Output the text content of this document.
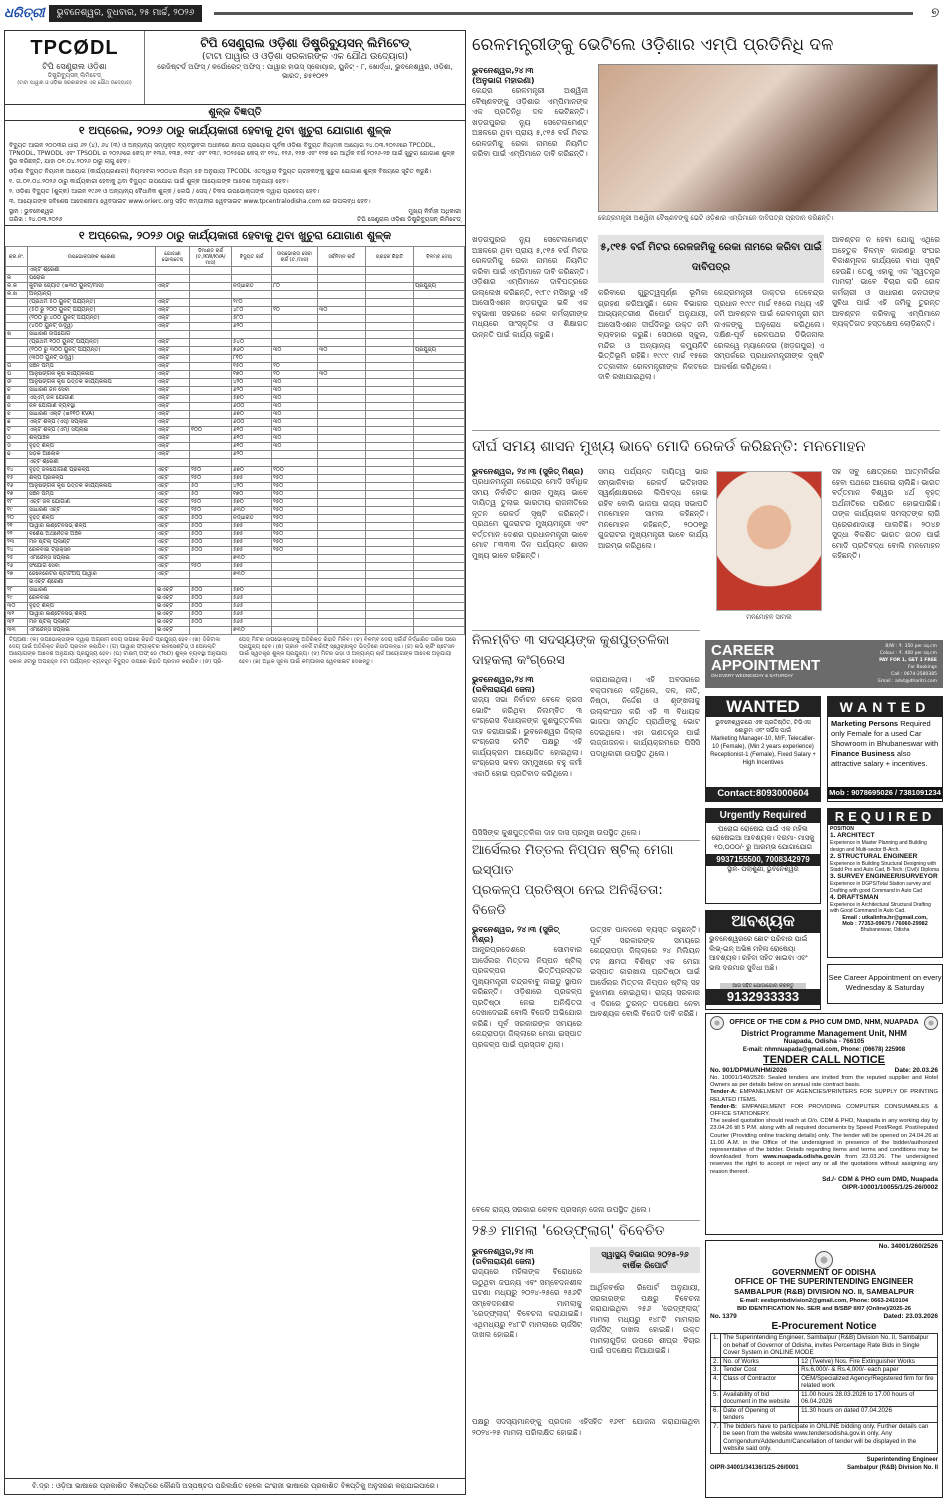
ଧରିତ୍ରୀ	ଭୁବନେଶ୍ୱର, ବୁଧବାର, ୨୫ ମାର୍ଚ୍ଚ, ୨୦୨୬	୭
TPCØDL
ଟିପି ସେଣ୍ଟ୍ରାଲ ଓଡ଼ିଶା
ଡିଷ୍ଟ୍ରିବ୍ୟୁସନ୍ ଲିମିଟେଡ୍
(ଟାଟା ପାୱାର ଓ ଓଡ଼ିଶା ସରକାରଙ୍କ ଏକ ଯୌଥ ଉଦ୍ୟୋଗ)
ଟିପି ସେଣ୍ଟ୍ରାଲ ଓଡ଼ିଶା ଡିଷ୍ଟ୍ରିବ୍ୟୁସନ୍ ଲିମିଟେଡ୍
(ଟାଟା ପାୱାର ଓ ଓଡ଼ିଶା ସରକାରଙ୍କ ଏକ ଯୌଥ ଉଦ୍ୟୋଗ)
ରେଜିଷ୍ଟର୍ଡ ଅଫିସ୍ / କର୍ପୋରେଟ୍ ଅଫିସ୍ : ପାୱାର ହାଉସ୍ ସ୍କୋୟାର, ୟୁନିଟ୍ - ୮, ଖୋର୍ଦ୍ଧା, ଭୁବନେଶ୍ୱର, ଓଡ଼ିଶା, ଭାରତ, ୭୫୧୦୧୨
ଶୁଳ୍କ ବିଜ୍ଞପ୍ତି
୧ ଅପ୍ରେଲ, ୨୦୨୬ ଠାରୁ କାର୍ଯ୍ୟକାରୀ ହେବାକୁ ଥିବା ଖୁଚୁରା ଯୋଗାଣ ଶୁଳ୍କ
ବିଦ୍ୟୁତ ଆଇନ ୨୦୦୩ର ଧାରା ୬୨ (୪), ୬୪ (୩) ଓ ଅନ୍ୟାନ୍ୟ ସମ୍ପୃକ୍ତ ବ୍ୟବସ୍ଥାବଳୀ ଅଧୀନରେ କ୍ଷମତା ପ୍ରୟୋଗ ପୂର୍ବକ ଓଡ଼ିଶା ବିଦ୍ୟୁତ ନିୟାମକ ଆୟୋଗ ୨୪.୦୩.୨୦୨୬ରେ TPCODL, TPNODL, TPWODL ଏବଂ TPSODL ର ୨୦୨୬ରେ କେସ୍ ନଂ ୧୩୬, ୧୩୭, ୧୩୮ ଏବଂ ୧୩୯, ୨୦୨୫ରେ କେସ୍ ନଂ ୧୨୪, ୧୨୬, ୧୨୭ ଏବଂ ୧୨୭ ରେ ଆର୍ଥିକ ବର୍ଷ ୨୦୨୬-୨୭ ପାଇଁ ଖୁଚୁରା ଯୋଗାଣ ଶୁଳ୍କ ସ୍ଥିର କରିଛନ୍ତି, ଯାହା ୦୧.୦୪.୨୦୨୬ ଠାରୁ ଲାଗୁ ହେବ।
ଓଡ଼ିଶା ବିଦ୍ୟୁତ ନିୟାମକ ଆୟୋଗ (କାର୍ଯ୍ୟପ୍ରଣାଳୀ) ନିୟମାବଳୀ ୨୦୦୪ର ନିୟମ ୫୭ ଅନୁଯାୟୀ TPCODL ଏତଦ୍ୱାରା ବିଦ୍ୟୁତ ଗ୍ରାହକଙ୍କୁ ଖୁଚୁରା ଯୋଗାଣ ଶୁଳ୍କ ବିଷୟରେ ସୂଚିତ କରୁଛି।
୧. ତା.୦୧.୦୪.୨୦୨୬ ଠାରୁ କାର୍ଯ୍ୟକାରୀ ହେବାକୁ ଥିବା ବିଦ୍ୟୁତ ଉପଯୋଗ ପାଇଁ ଶୁଳ୍କ ଆୟୋଗଙ୍କ ଆଦେଶ ଅନୁଯାୟୀ ହେବ।
୨. ଓଡ଼ିଶା ବିଦ୍ୟୁତ (ଶୁଳ୍କ) ଆଇନ ୧୯୬୧ ଓ ଅନ୍ୟାନ୍ୟ ବୈଧାନିକ ଶୁଳ୍କ / ଲେଭି / ସେସ୍ / ଟିକସ ଉପଭୋକ୍ତାଙ୍କ ଦ୍ୱାରା ପ୍ରଦେୟ ହେବ।
୩. ଆୟୋଗଙ୍କ ସବିଶେଷ ଆଦେଶନାମା ୱେବସାଇଟ www.orierc.org ସହିତ କମ୍ପାନୀର ୱେବସାଇଟ www.tpcentralodisha.com ରେ ଉପଲବ୍ଧ ହେବ।
ସ୍ଥାନ : ଭୁବନେଶ୍ୱର
ତାରିଖ : ୨୪.୦୩.୨୦୨୬
ମୁଖ୍ୟ ନିର୍ବାହୀ ଅଧିକାରୀ
ଟିପି ସେଣ୍ଟ୍ରାଲ ଓଡ଼ିଶା ଡିଷ୍ଟ୍ରିବ୍ୟୁସନ୍ ଲିମିଟେଡ୍
୧ ଅପ୍ରେଲ, ୨୦୨୬ ଠାରୁ କାର୍ଯ୍ୟକାରୀ ହେବାକୁ ଥିବା ଖୁଚୁରା ଯୋଗାଣ ଶୁଳ୍କ
କ୍ର.ନଂ.	ଉପଭୋକ୍ତାଙ୍କ ଶ୍ରେଣୀ	ଯୋଗାଣ ଭୋଲ୍ଟେଜ୍	ଡିମାଣ୍ଡ ଚାର୍ଜ (ଟ./KW/KVA/ମାସ)	ବିଦ୍ୟୁତ ଚାର୍ଜ	ଉପଭୋକ୍ତା ସେବା ଚାର୍ଜ (ଟ./ମାସ)	ସର୍ବନିମ୍ନ ଚାର୍ଜ	ଗ୍ରାହକ ରିହାତି	ବିଳମ୍ବ ଦେୟ
	ଏଲ୍‌ଟି ଶ୍ରେଣୀ							
କ	ଘରୋଇ							
କ.କ	କୁଟୀର ଜ୍ୟୋତି (≤୩୦ ୟୁନିଟ୍/ମାସ)	ଏଲ୍‌ଟି		ନିର୍ଦ୍ଧାରିତ	୮୦			ପ୍ରଯୁଜ୍ୟ
କ.ଖ	ଅନ୍ୟାନ୍ୟ							
	(ପ୍ରଥମ ୫୦ ୟୁନିଟ୍ ପର୍ଯ୍ୟନ୍ତ)	ଏଲ୍‌ଟି		୨୯୦				
	(୫୦ ରୁ ୨୦୦ ୟୁନିଟ୍ ପର୍ଯ୍ୟନ୍ତ)	ଏଲ୍‌ଟି		୪୮୦	୨୦	୩୦		
	(୨୦୦ ରୁ ୪୦୦ ୟୁନିଟ୍ ପର୍ଯ୍ୟନ୍ତ)	ଏଲ୍‌ଟି		୫୮୦				
	(୪୦୦ ୟୁନିଟ୍ ଉର୍ଦ୍ଧ୍ୱ)	ଏଲ୍‌ଟି		୬୨୦				
ଖ	ସାଧାରଣ ଉପଯୋଗ							
	(ପ୍ରଥମ ୧୦୦ ୟୁନିଟ୍ ପର୍ଯ୍ୟନ୍ତ)	ଏଲ୍‌ଟି		୫୪୦				
	(୧୦୦ ରୁ ୩୦୦ ୟୁନିଟ୍ ପର୍ଯ୍ୟନ୍ତ)	ଏଲ୍‌ଟି		୭୬୦	୩୦	୩୦		ପ୍ରଯୁଜ୍ୟ
	(୩୦୦ ୟୁନିଟ୍ ଉର୍ଦ୍ଧ୍ୱ)	ଏଲ୍‌ଟି		୮୧୦				
ଗ	ସିଞ୍ଚନ ପମ୍ପ	ଏଲ୍‌ଟି		୧୫୦	୨୦			
ଘ	ଆନୁଷଙ୍ଗିକ କୃଷି କାର୍ଯ୍ୟକଳାପ	ଏଲ୍‌ଟି		୧୭୦	୨୦	୩୦		
ଙ	ଆନୁଷଙ୍ଗିକ କୃଷି ଭିତ୍ତିକ କାର୍ଯ୍ୟକଳାପ	ଏଲ୍‌ଟି		୪୨୦	୩୦			
ଚ	ସାଧାରଣ ଜନ ସେବା	ଏଲ୍‌ଟି		୬୨୦	୩୦			
ଛ	ଏସ୍‌ଏମ୍ ଜଳ ଯୋଗାଣ	ଏଲ୍‌ଟି		୫୭୦	୩୦			
ଜ	ଜଳ ଯୋଗାଣ ବ୍ୟବସ୍ଥା	ଏଲ୍‌ଟି		୬୦୦	୩୦			
ଝ	ସାଧାରଣ ଏଲ୍‌ଟି (≤୧୧୦ KVA)	ଏଲ୍‌ଟି		୬୭୦	୩୦			
ଞ	ଏଲ୍‌ଟି ଶିଳ୍ପ (ଏସ୍) ସପ୍ଲାଇ	ଏଲ୍‌ଟି		୬୦୦	୩୦			
ଟ	ଏଲ୍‌ଟି ଶିଳ୍ପ (ଏମ୍) ସପ୍ଲାଇ	ଏଲ୍‌ଟି	୧୦୦	୬୧୦	୩୦			
ଠ	ଶିଳ୍ପାଞ୍ଚଳ	ଏଲ୍‌ଟି		୬୧୦	୩୦			
ଡ	ବୃହତ୍ ଶିଳ୍ପ	ଏଲ୍‌ଟି		୬୧୦	୩୦			
ଢ	ସଡ଼କ ଆଲୋକ	ଏଲ୍‌ଟି		୬୨୦				
	ଏଚ୍‌ଟି ଶ୍ରେଣୀ							
୧୪	ବୃହତ୍ ଜଳଯୋଗାଣ ପ୍ରକଳ୍ପ	ଏଚ୍‌ଟି	୨୫୦	୬୭୦	୨୦୦			
୧୫	ଶିଳ୍ପ ପ୍ରକଳ୍ପ	ଏଚ୍‌ଟି	୨୫୦	୫୭୫	୨୫୦			
୧୬	ଆନୁଷଙ୍ଗିକ କୃଷି ଭିତ୍ତିକ କାର୍ଯ୍ୟକଳାପ	ଏଚ୍‌ଟି	୫୦	୪୨୦	୨୫୦			
୧୭	ସିଞ୍ଚନ ପମ୍ପ	ଏଚ୍‌ଟି	୫୦	୧୭୦	୨୫୦			
୧୮	ଏଚ୍‌ଟି ଜଳ ଯୋଗାଣ	ଏଚ୍‌ଟି	୨୫୦	୫୭୦	୨୫୦			
୧୯	ସାଧାରଣ ଏଚ୍‌ଟି	ଏଚ୍‌ଟି	୨୫୦	୬୩୦	୨୫୦			
୨୦	ବୃହତ୍ ଶିଳ୍ପ	ଏଚ୍‌ଟି	୫୦୦	ନିର୍ଦ୍ଧାରିତ	୨୫୦			
୨୧	ପାୱାର ଇଣ୍ଟେନସିଭ୍ ଶିଳ୍ପ	ଏଚ୍‌ଟି	୫୦୦	୫୭୫	୨୫୦			
୨୨	ବିଶେଷ ଅର୍ଥନୈତିକ ଅଞ୍ଚଳ	ଏଚ୍‌ଟି	୫୦୦	୫୭୫	୨୫୦			
୨୩	ମିନି ଷ୍ଟିଲ୍ ପ୍ଲାଣ୍ଟ	ଏଚ୍‌ଟି	୫୦୦	୫୭୫	୨୫୦			
୨୪	ରେଳବାଇ ଟ୍ରାକ୍ସନ	ଏଚ୍‌ଟି	୫୦୦	୫୭୫	୨୫୦			
୨୫	ଏମର୍ଜେନ୍ସି ସପ୍ଲାଇ	ଏଚ୍‌ଟି		୭୩୦				
୨୬	ସଂଯୋଗ ସେବା	ଏଚ୍‌ଟି	୨୫୦	୫୭୫				
୨୭	ଜେନେରେଟର ଷ୍ଟାର୍ଟଅପ୍ ପାୱାର	ଏଚ୍‌ଟି		୭୩୦				
	ଇଏଚ୍‌ଟି ଶ୍ରେଣୀ							
୨୮	ସାଧାରଣ	ଇଏଚ୍‌ଟି	୫୦୦	୫୭୦				
୨୯	ରେଳବାଇ	ଇଏଚ୍‌ଟି	୫୦୦	୫୬୫				
୩୦	ବୃହତ୍ ଶିଳ୍ପ	ଇଏଚ୍‌ଟି	୫୦୦	୫୬୫				
୩୧	ପାୱାର ଇଣ୍ଟେନସିଭ୍ ଶିଳ୍ପ	ଇଏଚ୍‌ଟି	୫୦୦	୫୬୫				
୩୨	ମିନି ଷ୍ଟିଲ୍ ପ୍ଲାଣ୍ଟ	ଇଏଚ୍‌ଟି	୫୦୦	୫୬୫				
୩୩	ଏମର୍ଜେନ୍ସି ସପ୍ଲାଇ	ଇଏଚ୍‌ଟି		୭୩୦				
ଟିପ୍ପଣୀ: (କ) ଉପଭୋକ୍ତାଙ୍କ ଦ୍ୱାରା ଅଗ୍ରୀମ ଦେୟ ଉପରେ ରିହାତି ପ୍ରଯୁଜ୍ୟ ହେବ। (ଖ) ଡିଜିଟାଲ ଦେୟ ପାଇଁ ଅତିରିକ୍ତ ରିହାତି ପ୍ରଦାନ କରାଯିବ। (ଗ) ପାୱାର ଫ୍ୟାକ୍ଟର ଇନସେଣ୍ଟିଭ୍ ଓ ପେନାଲ୍ଟି ଆୟୋଗଙ୍କ ଆଦେଶ ଅନୁଯାୟୀ ପ୍ରଯୁଜ୍ୟ ହେବ। (ଘ) ଟାଇମ୍ ଅଫ୍ ଡେ (ToD) ଶୁଳ୍କ ବ୍ୟବସ୍ଥା ଅନୁଯାୟୀ ସକାଳ ୬ଟାରୁ ଅପରାହ୍ନ ୫ଟା ପର୍ଯ୍ୟନ୍ତ ବ୍ୟବହୃତ ବିଦ୍ୟୁତ ଉପରେ ରିହାତି ପ୍ରଦାନ କରାଯିବ। (ଙ) ପ୍ରି-ପେଡ୍ ମିଟର ଉପଭୋକ୍ତାଙ୍କୁ ଅତିରିକ୍ତ ରିହାତି ମିଳିବ। (ଚ) ବିଳମ୍ବ ଦେୟ ସର୍ଚ୍ଚାର୍ଜ ନିର୍ଦ୍ଧାରିତ ତାରିଖ ପରେ ପ୍ରଯୁଜ୍ୟ ହେବ। (ଛ) ଗ୍ରୀନ ଏନର୍ଜି ଟାରିଫ୍ ସ୍ୱେଚ୍ଛାକୃତ ଭିତ୍ତିରେ ଉପଲବ୍ଧ। (ଜ) ଇଭି ଚାର୍ଜିଂ ଷ୍ଟେସନ ପାଇଁ ସ୍ୱତନ୍ତ୍ର ଶୁଳ୍କ ପ୍ରଯୁଜ୍ୟ। (ଝ) ମିଟର ଭଡ଼ା ଓ ଅନ୍ୟାନ୍ୟ ଚାର୍ଜ ଆୟୋଗଙ୍କ ଆଦେଶ ଅନୁଯାୟୀ ହେବ। (ଞ) ଅଧିକ ସୂଚନା ପାଇଁ କମ୍ପାନୀର ୱେବସାଇଟ ଦେଖନ୍ତୁ।
ବି.ଦ୍ର : ଓଡ଼ିଆ ଭାଷାରେ ପ୍ରକାଶିତ ବିଜ୍ଞପ୍ତିରେ କୌଣସି ଅସ୍ପଷ୍ଟତା ପରିଲକ୍ଷିତ ହେଲେ ଇଂରାଜୀ ଭାଷାରେ ପ୍ରକାଶିତ ବିଜ୍ଞପ୍ତିକୁ ଅନୁସରଣ କରାଯାଇପାରେ।
ରେଳମନ୍ତ୍ରୀଙ୍କୁ ଭେଟିଲେ ଓଡ଼ିଶାର ଏମ୍‌ପି ପ୍ରତିନିଧି ଦଳ
ଭୁବନେଶ୍ୱର,୨୪।୩
(ଅନୁଭାଗ ମହାରଣା)
କେନ୍ଦ୍ର ରେଳମନ୍ତ୍ରୀ ଅଶ୍ୱିନୀ ବୈଷ୍ଣବଙ୍କୁ ଓଡ଼ିଶାର ଏମ୍‌ପିମାନଙ୍କ ଏକ ପ୍ରତିନିଧି ଦଳ ଭେଟିଛନ୍ତି। ଖଡ଼ଗପୁରର ନ୍ୟୁ ସେଟେଲମେଣ୍ଟ ଅଞ୍ଚଳରେ ଥିବା ପ୍ରାୟ ୫,୯୧୫ ବର୍ଗ ମିଟର ରେଳଜମିକୁ ରେକା ନାମରେ ନିୟମିତ କରିବା ପାଇଁ ଏମ୍‌ପିମାନେ ଦାବି କରିଛନ୍ତି।
କେନ୍ଦ୍ରମନ୍ତ୍ରୀ ଅଶ୍ୱିନୀ ବୈଷ୍ଣବଙ୍କୁ ଭେଟି ଓଡ଼ିଶାର ଏମ୍‌ପିମାନେ ଦାବିପତ୍ର ପ୍ରଦାନ କରିଛନ୍ତି।
୫,୯୧୫ ବର୍ଗ ମିଟର ରେଳଜମିକୁ ରେକା ନାମରେ କରିବା ପାଇଁ ଦାବିପତ୍ର
ଖଡ଼ଗପୁରର ନ୍ୟୁ ସେଟେଲମେଣ୍ଟ ଅଞ୍ଚଳରେ ଥିବା ପ୍ରାୟ ୫,୯୧୫ ବର୍ଗ ମିଟର ରେଳଜମିକୁ ରେକା ନାମରେ ନିୟମିତ କରିବା ପାଇଁ ଏମ୍‌ପିମାନେ ଦାବି କରିଛନ୍ତି। ଓଡ଼ିଶାର ଏମ୍‌ପିମାନେ ଦାବିପତ୍ରରେ ଉଲ୍ଲେଖ କରିଛନ୍ତି, ୧୯୮୯ ମସିହାରୁ ଏହି ଆସୋସିଏଶନ ଖଡ଼ଗପୁର ଭଳି ଏକ ବହୁଭାଷୀ ସହରରେ ରେଳ କର୍ମଚାରୀଙ୍କ ମଧ୍ୟରେ ସାଂସ୍କୃତିକ ଓ ଶିକ୍ଷାଗତ ଉନ୍ନତି ପାଇଁ କାର୍ଯ୍ୟ କରୁଛି।
କରିବାରେ ଗୁରୁତ୍ୱପୂର୍ଣ୍ଣ ଭୂମିକା ଗ୍ରହଣ କରିଆସୁଛି। ରେଳ ବିଭାଗର ଆଭ୍ୟନ୍ତରୀଣ ରିପୋର୍ଟ ଅନୁଯାୟୀ, ଆସୋସିଏଶନ ଦୀର୍ଘଦିନରୁ ଉକ୍ତ ଜମି ବ୍ୟବହାର କରୁଛି। ସେଠାରେ ସ୍କୁଲ, ମନ୍ଦିର ଓ ଅନ୍ୟାନ୍ୟ କମ୍ୟୁନିଟି ଭିତ୍ତିଭୂମି ରହିଛି। ୧୯୯୯ ମାର୍ଚ୍ଚ ୧୫ରେ ତତ୍କାଳୀନ ରେଳମନ୍ତ୍ରୀଙ୍କ ନିକଟରେ ଦାବି ରଖାଯାଇଥିଲା।
କେନ୍ଦ୍ରମନ୍ତ୍ରୀ ଡାକ୍ତର ଦେବେନ୍ଦ୍ର ପ୍ରଧାନ ୧୯୯୯ ମାର୍ଚ୍ଚ ୧୫ରେ ମଧ୍ୟ ଏହି ଜମି ଆବଣ୍ଟନ ପାଇଁ ରେଳମନ୍ତ୍ରୀ ରାମ ନାଏକଙ୍କୁ ଅନୁରୋଧ କରିଥିଲେ। ଦକ୍ଷିଣ-ପୂର୍ବ ରେଳପଥର ଡିଭିଜନାଲ ରେଲୱେ ମ୍ୟାନେଜର (ଖଡ଼ଗପୁର) ଏ ସମ୍ପର୍କରେ ପ୍ରଧାନମନ୍ତ୍ରୀଙ୍କ ଦୃଷ୍ଟି ଆକର୍ଷଣ କରିଥିଲେ।
ଆବଣ୍ଟନ ନ ହେବା ଯୋଗୁ ଏଥିରେ ଅହେତୁକ ବିଳମ୍ବ କାରଣରୁ ସଂଘର ବିକାଶମୂଳକ କାର୍ଯ୍ୟରେ ବାଧା ସୃଷ୍ଟି ହେଉଛି। ତେଣୁ ଏହାକୁ ଏକ 'ସ୍ୱତନ୍ତ୍ର ମାମଲା' ଭାବେ ବିଚାର କରି ରେଳ କର୍ମଚାରୀ ଓ ସାଧାରଣ ଜନତାଙ୍କ ସୁବିଧା ପାଇଁ ଏହି ଜମିକୁ ତୁରନ୍ତ ଆବଣ୍ଟନ କରିବାକୁ ଏମ୍‌ପିମାନେ ବ୍ୟକ୍ତିଗତ ହସ୍ତକ୍ଷେପ ଲୋଡ଼ିଛନ୍ତି।
ଦୀର୍ଘ ସମୟ ଶାସନ ମୁଖ୍ୟ ଭାବେ ମୋଦି ରେକର୍ଡ କରିଛନ୍ତି: ମନମୋହନ
ଭୁବନେଶ୍ୱର, ୨୪।୩ (ସୁଜିତ୍ ମିଶ୍ର)
ପ୍ରଧାନମନ୍ତ୍ରୀ ନରେନ୍ଦ୍ର ମୋଦି ସର୍ବାଧିକ ସମୟ ନିର୍ବାଚିତ ଶାସନ ମୁଖ୍ୟ ଭାବେ ଦାୟିତ୍ୱ ତୁଲାଇ ଭାରତୀୟ ରାଜନୀତିରେ ନୂତନ ରେକର୍ଡ ସୃଷ୍ଟି କରିଛନ୍ତି। ପ୍ରଥମେ ଗୁଜରାଟର ମୁଖ୍ୟମନ୍ତ୍ରୀ ଏବଂ ବର୍ତ୍ତମାନ ଦେଶର ପ୍ରଧାନମନ୍ତ୍ରୀ ଭାବେ ମୋଟ ୮୩୩୩ ଦିନ ପର୍ଯ୍ୟନ୍ତ ଶାସନ ମୁଖ୍ୟ ଭାବେ ରହିଛନ୍ତି।
ସମୟ ପର୍ଯ୍ୟନ୍ତ ଦାୟିତ୍ୱ ଭାର ସମ୍ଭାଳିବାର ରେକର୍ଡ ଇତିହାସର ସ୍ୱର୍ଣ୍ଣାକ୍ଷରରେ ଲିପିବଦ୍ଧ ହୋଇ ରହିବ ବୋଲି ଭାଜପା ରାଜ୍ୟ ସଭାପତି ମନମୋହନ ସାମଲ କହିଛନ୍ତି। ମନମୋହନ କହିଛନ୍ତି, ୨୦୦୧ରୁ ଗୁଜରାଟର ମୁଖ୍ୟମନ୍ତ୍ରୀ ଭାବେ କାର୍ଯ୍ୟ ଆରମ୍ଭ କରିଥିଲେ।
ମନମୋହନ ସାମଲ
ସହ ସବୁ କ୍ଷେତ୍ରରେ ଆତ୍ମନିର୍ଭର ହେବା ପଥରେ ଆଗେଇ ଚାଲିଛି। ଭାରତ ବର୍ତ୍ତମାନ ବିଶ୍ୱର ୪ର୍ଥ ବୃହତ୍ ଅର୍ଥନୀତିରେ ପରିଣତ ହୋଇପାରିଛି। ତାଙ୍କ କାର୍ଯ୍ୟକାଳ ସମସ୍ତଙ୍କ ଲାଗି ପ୍ରେରଣାଦାୟୀ ପାଲଟିଛି। ୨୦୪୭ ସୁଦ୍ଧା ବିକଶିତ ଭାରତ ଗଠନ ପାଇଁ ମୋଦି ପ୍ରତିବଦ୍ଧ ବୋଲି ମନମୋହନ କହିଛନ୍ତି।
ନିଲମ୍ବିତ ୩ ସଦସ୍ୟଙ୍କ କୁଶପୁତ୍ତଳିକା ଦାହକଲା କଂଗ୍ରେସ
ଭୁବନେଶ୍ୱର,୨୪।୩
(ରବିନାରାୟଣ ଜେନା)
ରାଜ୍ୟ ସଭା ନିର୍ବାଚନ ବେଳେ କ୍ରସ ଭୋଟିଂ କରିଥିବା ନିଲମ୍ବିତ ୩ କଂଗ୍ରେସ ବିଧାୟକଙ୍କ କୁଶପୁତ୍ତଳିକା ଦାହ କରାଯାଇଛି। ଭୁବନେଶ୍ୱର ଜିଲ୍ଲା କଂଗ୍ରେସ କମିଟି ପକ୍ଷରୁ ଏହି କାର୍ଯ୍ୟକ୍ରମ ଆୟୋଜିତ ହୋଇଥିଲା। କଂଗ୍ରେସ ଭବନ ସମ୍ମୁଖରେ ବହୁ କର୍ମୀ ଏକାଠି ହୋଇ ପ୍ରତିବାଦ କରିଥିଲେ।
କରାଯାଇଥିଲା। ଏହି ଅବସରରେ ବକ୍ତାମାନେ କହିଥିଲେ, ଦଳ, ନୀତି, ନିଷ୍ଠା, ନିର୍ଦ୍ଦେଶ ଓ ଶୃଙ୍ଖଳାକୁ ଉଲ୍ଲଂଘନ କରି ଏହି ୩ ବିଧାୟକ ଭାଜପା ସମର୍ଥିତ ପ୍ରାର୍ଥୀଙ୍କୁ ଭୋଟ ଦେଇଥିଲେ। ଏହା ଗଣତନ୍ତ୍ର ପାଇଁ ଲଜ୍ଜାଜନକ। କାର୍ଯ୍ୟକ୍ରମରେ ପିସିସି ପଦାଧିକାରୀ ଉପସ୍ଥିତ ଥିଲେ।
ପିସିସିଙ୍କ କୁଶପୁତ୍ତଳିକା ଦାହ ଦାସ ପ୍ରମୁଖ ଉପସ୍ଥିତ ଥିଲେ।
ଆର୍ସେଲର ମିତ୍ତଲ ନିପ୍ପନ ଷ୍ଟିଲ୍ ମେଗା ଇସ୍ପାତ
ପ୍ରକଳ୍ପ ପ୍ରତିଷ୍ଠା ନେଇ ଅନିଶ୍ଚିତତା: ବିଜେଡି
ଭୁବନେଶ୍ୱର, ୨୪।୩ (ସୁଜିତ୍ ମିଶ୍ର)
ଆନ୍ଧ୍ରପ୍ରଦେଶରେ ସୋମବାର ଆର୍ସେଲର ମିତ୍ତଲ ନିପ୍ପନ ଷ୍ଟିଲ୍ ପ୍ରକଳ୍ପର ଭିତ୍ତିପ୍ରସ୍ତର ମୁଖ୍ୟମନ୍ତ୍ରୀ ଚନ୍ଦ୍ରବାବୁ ନାଇଡୁ ସ୍ଥାପନ କରିଛନ୍ତି। ଓଡ଼ିଶାରେ ପ୍ରକଳ୍ପ ପ୍ରତିଷ୍ଠା ନେଇ ଅନିଶ୍ଚିତତା ଦେଖାଦେଇଛି ବୋଲି ବିଜେଡି ଅଭିଯୋଗ କରିଛି। ପୂର୍ବ ସରକାରଙ୍କ ସମୟରେ କେନ୍ଦ୍ରାପଡ଼ା ଜିଲ୍ଲାରେ ମେଗା ଇସ୍ପାତ ପ୍ରକଳ୍ପ ପାଇଁ ପ୍ରସ୍ତାବ ଥିଲା।
ଉତ୍ସବ ପାଳନରେ ବ୍ୟସ୍ତ ରହୁଛନ୍ତି। ପୂର୍ବ ସରକାରଙ୍କ ସମୟରେ କେନ୍ଦ୍ରାପଡ଼ା ଜିଲ୍ଲାରେ ୨୪ ମିଲିୟନ ଟନ କ୍ଷମତା ବିଶିଷ୍ଟ ଏକ ମେଗା ଇସ୍ପାତ କାରଖାନା ପ୍ରତିଷ୍ଠା ପାଇଁ ଆର୍ସେଲର ମିତ୍ତଲ ନିପ୍ପନ ଷ୍ଟିଲ୍ ସହ ବୁଝାମଣା ହୋଇଥିଲା। ରାଜ୍ୟ ସରକାର ଏ ଦିଗରେ ତୁରନ୍ତ ପଦକ୍ଷେପ ନେବା ଆବଶ୍ୟକ ବୋଲି ବିଜେଡି ଦାବି କରିଛି।
ବେଳେ ରାଜ୍ୟ ସରକାର କେବଳ ପ୍ରସନ୍ନ ଜେନା ଉପସ୍ଥିତ ଥିଲେ।
୨୫୬ ମାମଲା 'ରେଡ୍‌ଫ୍ଲାଗ୍' ବିବେଚିତ
ଭୁବନେଶ୍ୱର,୨୪।୩
(ରବିନାରାୟଣ ଜେନା)
ରାଜ୍ୟରେ ମହିଳାଙ୍କ ବିରୋଧରେ ଉଠୁଥିବା ଜଘନ୍ୟ ଏବଂ ସମ୍ବେଦନଶୀଳ ଘଟଣା ମଧ୍ୟରୁ ୨୦୨୪-୨୫ରେ ୨୫୬ଟି ସମ୍ବେଦନଶୀଳ ମାମଲାକୁ 'ରେଡ୍‌ଫ୍ଲାଗ୍' ବିବେଚନା କରାଯାଇଛି। ଏଥିମଧ୍ୟରୁ ୧୪୮ଟି ମାମଲାରେ ଚାର୍ଜସିଟ୍ ଦାଖଲ ହୋଇଛି।
ସ୍ୱାସ୍ଥ୍ୟ ବିଭାଗର ୨୦୨୫-୨୬ ବାର୍ଷିକ ରିପୋର୍ଟ
ଆର୍ଥିକବର୍ଷର ରିପୋର୍ଟ ଅନୁଯାୟୀ, ସରକାରଙ୍କ ପକ୍ଷରୁ ବିବେଚନା କରାଯାଇଥିବା ୨୫୬ 'ରେଡ୍‌ଫ୍ଲାଗ୍' ମାମଲା ମଧ୍ୟରୁ ୧୪୮ଟି ମାମଲାର ଚାର୍ଜସିଟ୍ ଦାଖଲ ହୋଇଛି। ଉକ୍ତ ମାମଲାଗୁଡ଼ିକ ଉପରେ ଶୀଘ୍ର ବିଚାର ପାଇଁ ପଦକ୍ଷେପ ନିଆଯାଇଛି।
ପକ୍ଷରୁ ସଦସ୍ୟମାନଙ୍କୁ ପ୍ରଦାନ ଏହିସହିତ ୧୬୧୮ ଯୋଜନା କରାଯାଇଥିବା ୨୦୨୪-୨୫ ମାମଲା ପରିଲକ୍ଷିତ ହୋଇଛି।
CAREER
APPOINTMENT
ON EVERY WEDNESDAY & SATURDAY
B/W : ₹. 350 per sq.cm
Colour : ₹. 400 per sq.cm
PAY FOR 1, GET 1 FREE
For Bookings
Call : 0674-2580385
Email : advt@dharitri.com
WANTED
ଭୁବନେଶ୍ୱରରେ ଏକ ପ୍ରତିଷ୍ଠିତ, ଟିଭିଏସ ଶୋରୁମ ଏବଂ ସର୍ଭିସ ପାଇଁ
Marketing Manager-10, M/F, Telecaller-10 (Female), (Min 2 years experience) Receptionist-1 (Female), Fixed Salary + High Incentives
Contact:8093000604
WANTED
Marketing Persons Required only Female for a used Car Showroom in Bhubaneswar with Finance Business also attractive salary + incentives.
Mob : 9078695026 / 7381091234
Urgently Required
ଘରୋଇ ରୋଷେଇ ପାଇଁ ଏକ ମହିଳା ରୋଷେଇଆ ଆବଶ୍ୟକ। ଦରମା- ମାସକୁ ୧୦,୦୦୦/- ରୁ ଆରମ୍ଭ ଯୋଗାଯୋଗ
9937155500, 7008342979
ସ୍ଥାନ- ପଲାଶୁଣୀ, ଭୁବନେଶ୍ୱର
ଆବଶ୍ୟକ
ଭୁବନେଶ୍ୱରରେ ଛୋଟ ପରିବାର ପାଇଁ ଲିଭ୍-ଇନ୍ ଅଭିଜ୍ଞ ମହିଳା ରୋଷେୟା ଆବଶ୍ୟକ। ରହିବା ସହିତ ଖାଇବା ଏବଂ ଭଲ ଦରମାର ସୁବିଧା ଅଛି।
ଆଗ ସହିତ ଯୋଗାଯୋଗ କରନ୍ତୁ
9132933333
REQUIRED
POSITION
1. ARCHITECT
Experience in Master Planning and Building design and Multi-sector B-Arch.
2. STRUCTURAL ENGINEER
Experience in Building Structural Designing with Stadd Pro and Auto Cad, B-Tech. (Civil)/ Diploma
3. SURVEY ENGINEER/SURVEYOR
Experience in DGPS/Total Station survey and Drafting with good Command in Auto Cad
4. DRAFTSMAN
Experience in Architectural Structural Drafting with Good Command in Auto Cad.
Email : utkalinfra.hr@gmail.com,
Mob : 77353-09675 / 76060-29982
Bhubaneswar, Odisha
See Career Appointment on every Wednesday & Saturday
OFFICE OF THE CDM & PHO CUM DMD, NHM, NUAPADA
District Programme Management Unit, NHM
Nuapada, Odisha - 766105
E-mail: nhmnuapada@gmail.com, Phone: (06678) 225908
TENDER CALL NOTICE
No. 901/DPMU/NHM/2026	Date: 20.03.26
No. 10001/140/2526: Sealed tenders are invited from the reputed supplier and Hotel Owners as per details below on annual rate contract basis.
Tender-A: EMPANELMENT OF AGENCIES/PRINTERS FOR SUPPLY OF PRINTING RELATED ITEMS.
Tender-B: EMPANELMENT FOR PROVIDING COMPUTER CONSUMABLES & OFFICE STATIONERY.
The sealed quotation should reach at O/o. CDM & PHO, Nuapada in any working day by 23.04.26 till 5 P.M. along with all required documents by Speed Post/Regd. Post/reputed Courier (Providing online tracking details) only. The tender will be opened on 24.04.26 at 11.00 A.M. in the Office of the undersigned in presence of the bidder/authorized representative of the bidder. Details regarding items and terms and conditions may be downloaded from www.nuapada.odisha.gov.in from 23.03.26. The undersigned reserves the right to accept or reject any or all the quotations without assigning any reason thereof.
Sd./- CDM & PHO cum DMD, Nuapada
OIPR-10001/10055/1/25-26/0002
No. 34001/260/2526
GOVERNMENT OF ODISHA
OFFICE OF THE SUPERINTENDING ENGINEER
SAMBALPUR (R&B) DIVISION NO. II, SAMBALPUR
E-mail: eesbprnbdivision2@gmail.com, Phone: 0663-2410104
BID IDENTIFICATION No. SE/R and B/SBP II/07 (Online)/2025-26
No. 1379	Dated: 23.03.2026
E-Procurement Notice
1.	The Superintending Engineer, Sambalpur (R&B) Division No. II, Sambalpur on behalf of Governor of Odisha, invites Percentage Rate Bids in Single Cover System in ONLINE MODE	
2.	No. of Works	12 (Twelve) Nos. Fire Extinguisher Works
3.	Tender Cost	Rs.6,000/- & Rs.4,000/- each paper
4.	Class of Contractor	OEM/Specialized Agency/Registered firm for fire related work
5.	Availability of bid document in the website	11.00 hours 28.03.2026 to 17.00 hours of 06.04.2026
6.	Date of Opening of tenders	11.30 hours on dated 07.04.2026
7.	The bidders have to participate in ONLINE bidding only. Further details can be seen from the website www.tendersodisha.gov.in only. Any Corrigendum/Addendum/Cancellation of tender will be displayed in the website said only.	
OIPR-34001/34136/1/25-26/0001
Superintending Engineer
Sambalpur (R&B) Division No. II
